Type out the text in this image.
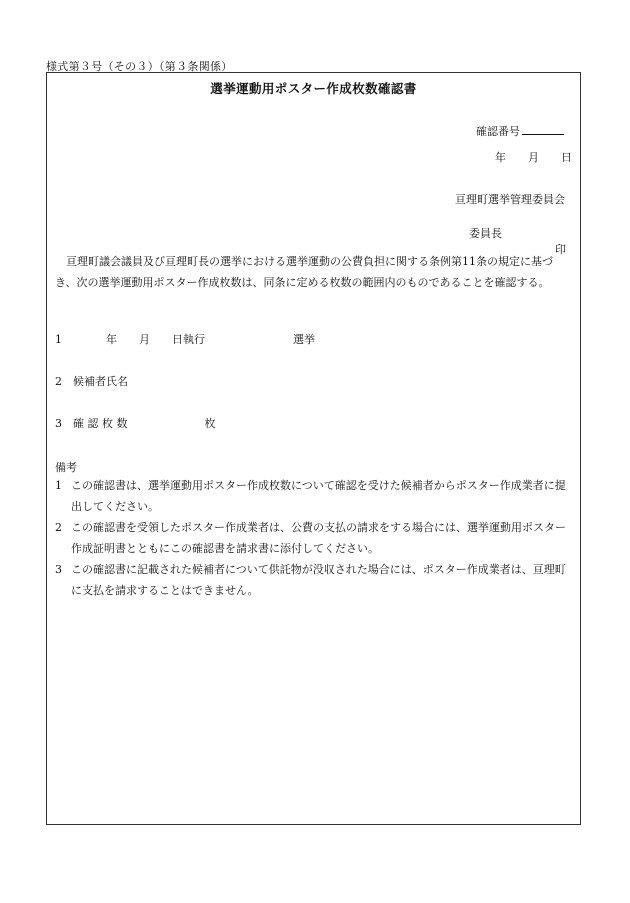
様式第３号（その３）（第３条関係）
選挙運動用ポスター作成枚数確認書

確認番号

年　　月　　日
亘理町選挙管理委員会

委員長

印

亘理町議会議員及び亘理町長の選挙における選挙運動の公費負担に関する条例第11条の規定に基づき、次の選挙運動用ポスター作成枚数は、同条に定める枚数の範囲内のものであることを確認する。
1　　　　年　　月　　日執行　　　　　　　　選挙
2　候補者氏名
3　確 認 枚 数　　　　　　　枚
備考
1 この確認書は、選挙運動用ポスター作成枚数について確認を受けた候補者からポスター作成業者に提出してください。
2 この確認書を受領したポスター作成業者は、公費の支払の請求をする場合には、選挙運動用ポスター作成証明書とともにこの確認書を請求書に添付してください。
3 この確認書に記載された候補者について供託物が没収された場合には、ポスター作成業者は、亘理町に支払を請求することはできません。
